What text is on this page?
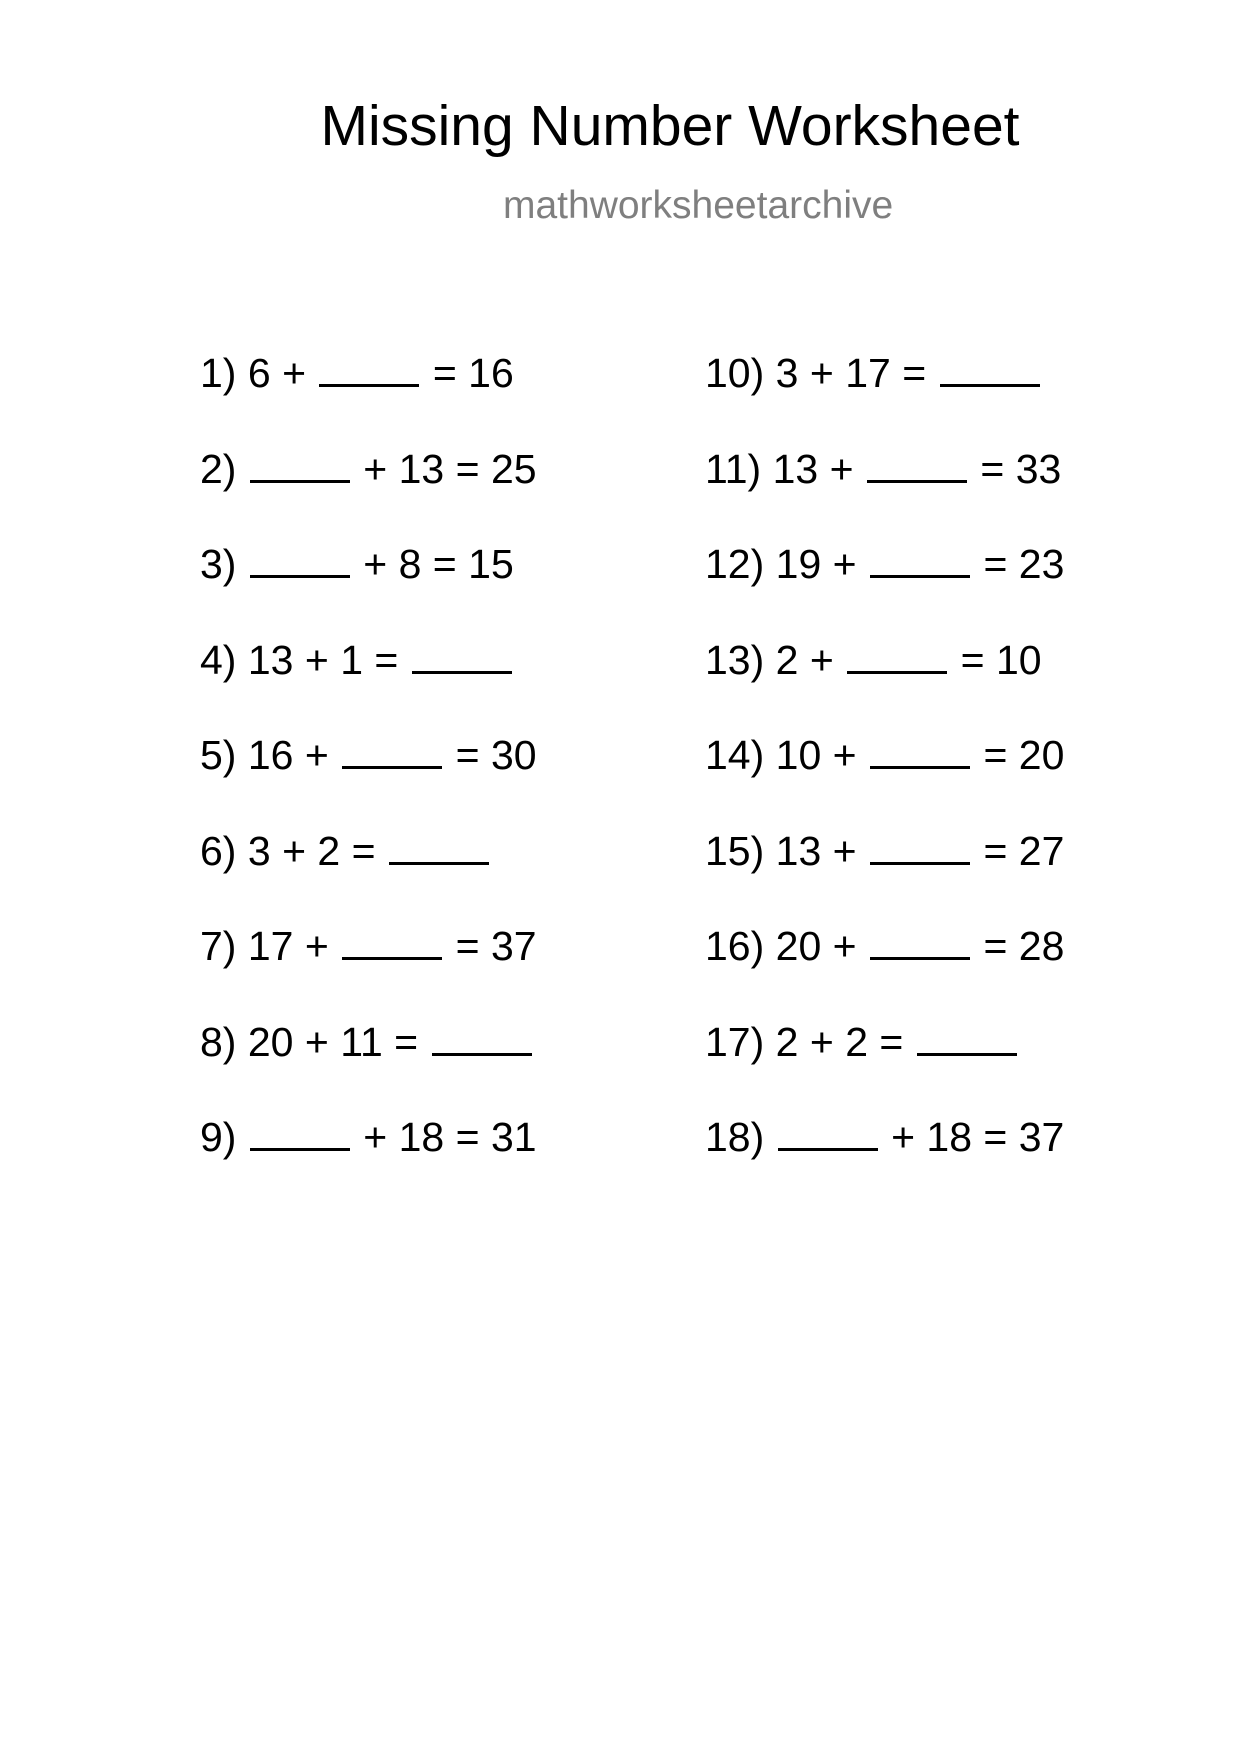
Missing Number Worksheet
mathworksheetarchive
1) 6 +	= 16
2)	+ 13 = 25
3)	+ 8 = 15
4) 13 + 1 =
5) 16 +	= 30
6) 3 + 2 =
7) 17 +	= 37
8) 20 + 11 =
9)	+ 18 = 31
10) 3 + 17 =
11) 13 +	= 33
12) 19 +	= 23
13) 2 +	= 10
14) 10 +	= 20
15) 13 +	= 27
16) 20 +	= 28
17) 2 + 2 =
18)	+ 18 = 37
